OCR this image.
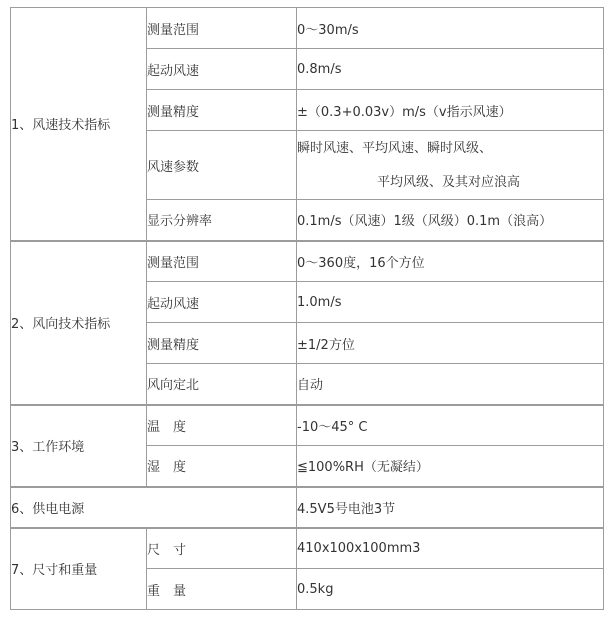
1、风速技术指标	测量范围	0～30m/s
	起动风速	0.8m/s
	测量精度	±（0.3+0.03v）m/s（v指示风速）
	风速参数	瞬时风速、平均风速、瞬时风级、
平均风级、及其对应浪高

	显示分辨率	0.1m/s（风速）1级（风级）0.1m（浪高）
2、风向技术指标	测量范围	0～360度，16个方位
	起动风速	1.0m/s
	测量精度	±1/2方位
	风向定北	自动
3、工作环境	温　度	-10～45° C
	湿　度	≦100%RH（无凝结）
6、供电电源		4.5V5号电池3节
7、尺寸和重量	尺　寸	410x100x100mm3
	重　量	0.5kg
